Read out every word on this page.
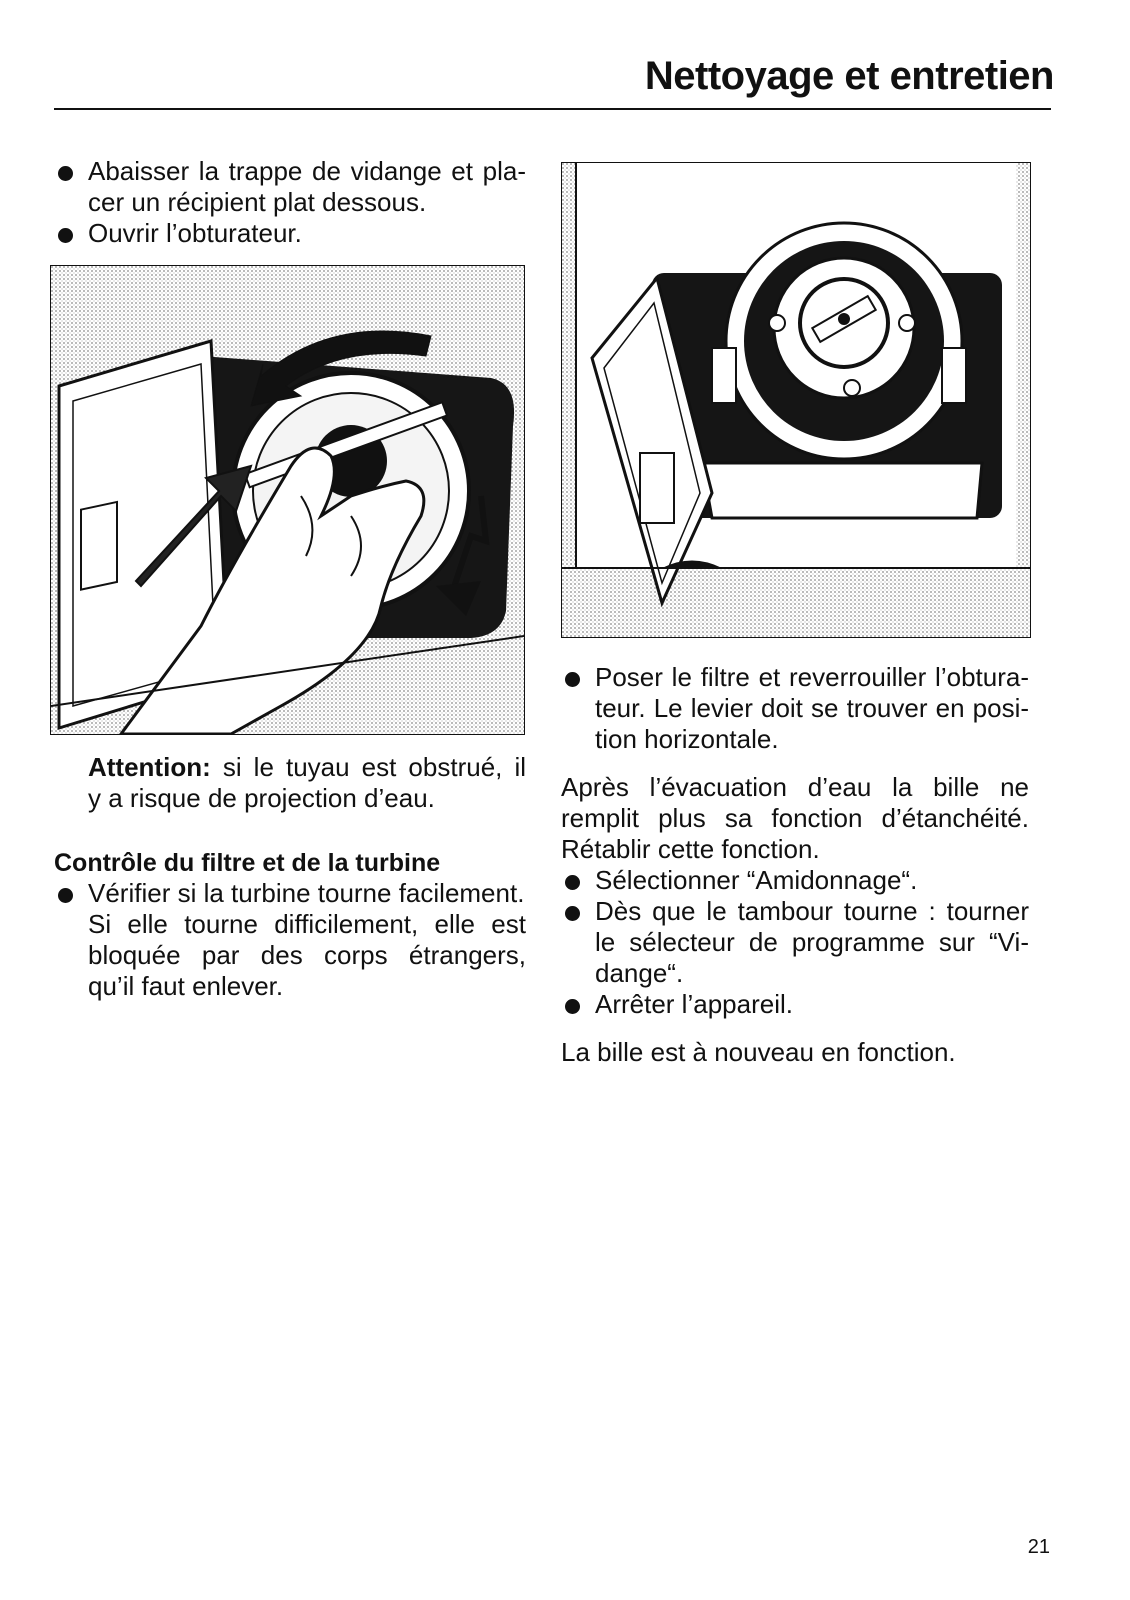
Nettoyage et entretien
Abaisser la trappe de vidange et pla-
cer un récipient plat dessous.
Ouvrir l’obturateur.
Attention: si le tuyau est obstrué, il
y a risque de projection d’eau.
Contrôle du filtre et de la turbine
Vérifier si la turbine tourne facilement.
Si elle tourne difficilement, elle est
bloquée par des corps étrangers,
qu’il faut enlever.
Poser le filtre et reverrouiller l’obtura-
teur. Le levier doit se trouver en posi-
tion horizontale.
Après l’évacuation d’eau la bille ne
remplit plus sa fonction d’étanchéité.
Rétablir cette fonction.
Sélectionner “Amidonnage“.
Dès que le tambour tourne : tourner
le sélecteur de programme sur “Vi-
dange“.
Arrêter l’appareil.
La bille est à nouveau en fonction.
21
